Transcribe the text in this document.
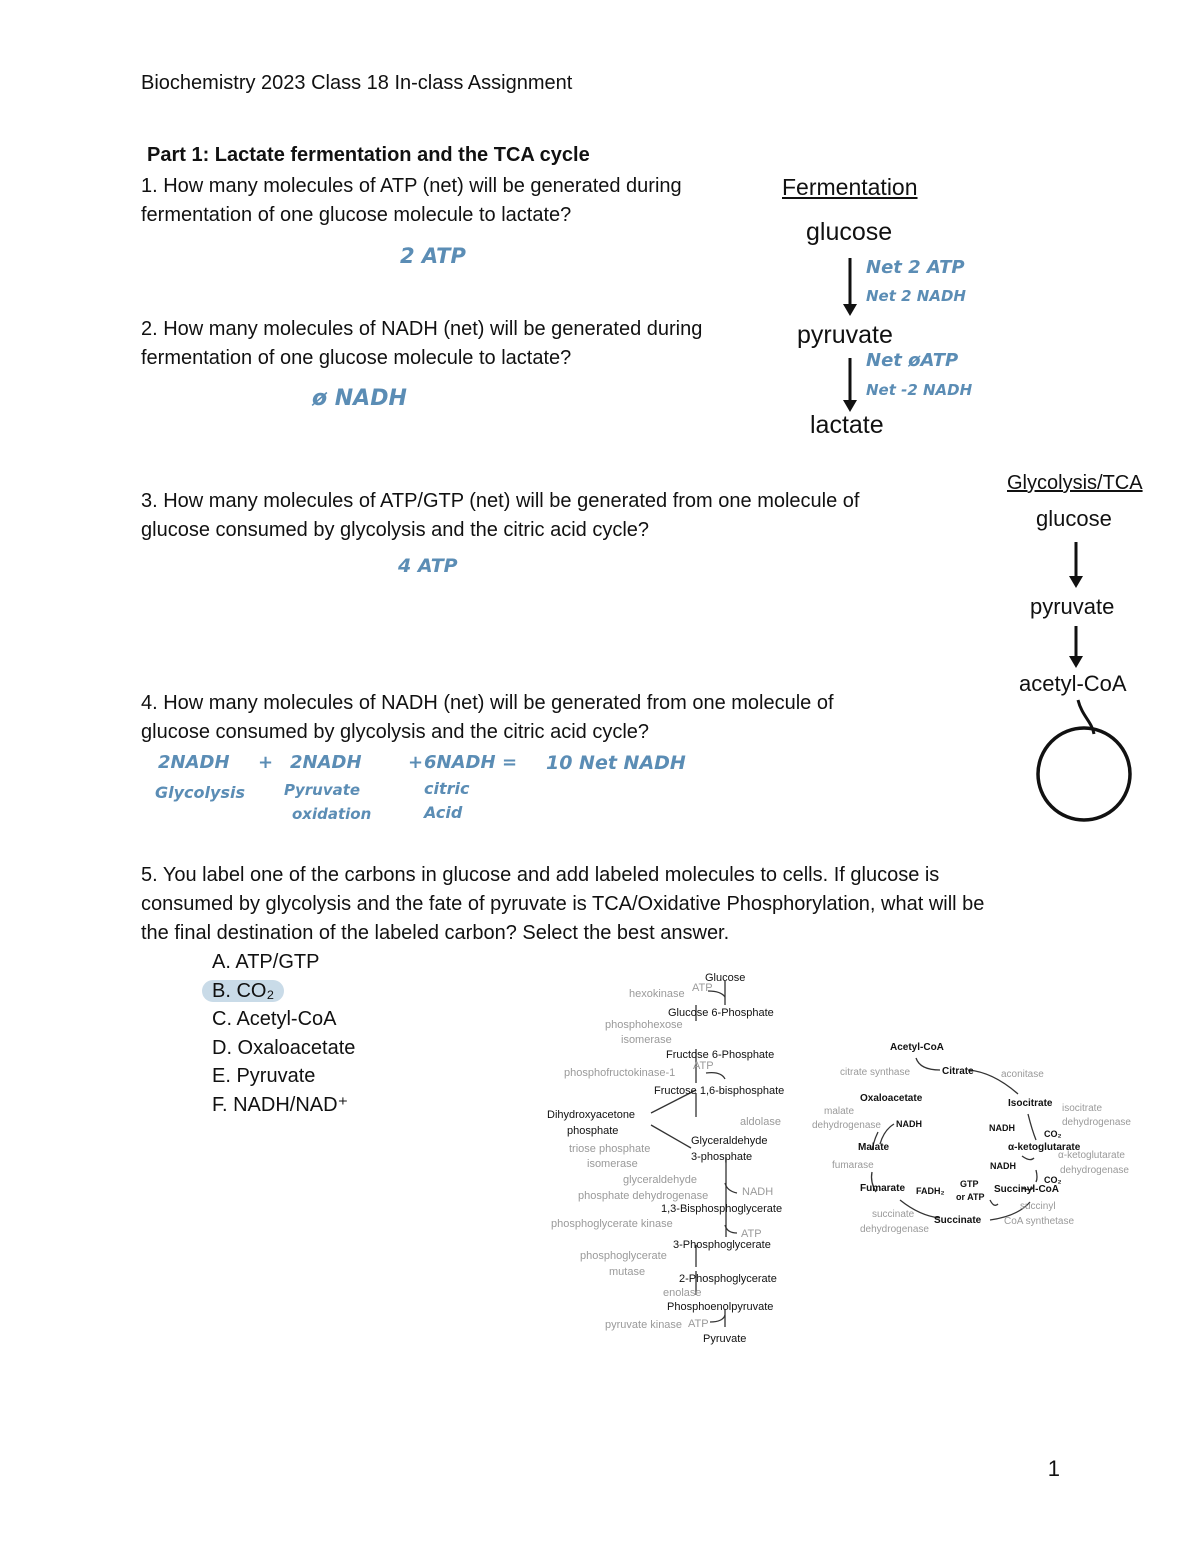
Biochemistry 2023 Class 18 In-class Assignment
Part 1: Lactate fermentation and the TCA cycle
1. How many molecules of ATP (net) will be generated during
fermentation of one glucose molecule to lactate?
2 ATP
2. How many molecules of NADH (net) will be generated during
fermentation of one glucose molecule to lactate?
ø NADH
3. How many molecules of ATP/GTP (net) will be generated from one molecule of
glucose consumed by glycolysis and the citric acid cycle?
4 ATP
4. How many molecules of NADH (net) will be generated from one molecule of
glucose consumed by glycolysis and the citric acid cycle?
2NADH
Glycolysis
+ 2NADH
Pyruvate
oxidation
+ 6NADH
citric
Acid
= 10 Net NADH
5. You label one of the carbons in glucose and add labeled molecules to cells. If glucose is
consumed by glycolysis and the fate of pyruvate is TCA/Oxidative Phosphorylation, what will be
the final destination of the labeled carbon? Select the best answer.
A. ATP/GTP
B. CO₂
C. Acetyl-CoA
D. Oxaloacetate
E. Pyruvate
F. NADH/NAD⁺
Fermentation
glucose
Net 2 ATP
Net 2 NADH
pyruvate
Net øATP
Net -2 NADH
lactate
Glycolysis/TCA
glucose
pyruvate
acetyl-CoA
Glucose
Glucose 6-Phosphate
Fructose 6-Phosphate
Fructose 1,6-bisphosphate
Dihydroxyacetone
phosphate
Glyceraldehyde
3-phosphate
1,3-Bisphosphoglycerate
3-Phosphoglycerate
2-Phosphoglycerate
Phosphoenolpyruvate
Pyruvate
hexokinase
phosphohexose
isomerase
phosphofructokinase-1
aldolase
triose phosphate
isomerase
glyceraldehyde
phosphate dehydrogenase
phosphoglycerate kinase
phosphoglycerate
mutase
enolase
pyruvate kinase
ATP
ATP
NADH
ATP
ATP
Acetyl-CoA
Citrate
Oxaloacetate	Isocitrate
Malate	α-ketoglutarate
Fumarate	Succinyl-CoA
Succinate
citrate synthase	aconitase
isocitrate
dehydrogenase
malate
dehydrogenase
α-ketoglutarate
dehydrogenase
fumarase
succinate
dehydrogenase
succinyl
CoA synthetase
NADH	NADH
CO₂
NADH
CO₂
FADH₂
GTP
or ATP
1
